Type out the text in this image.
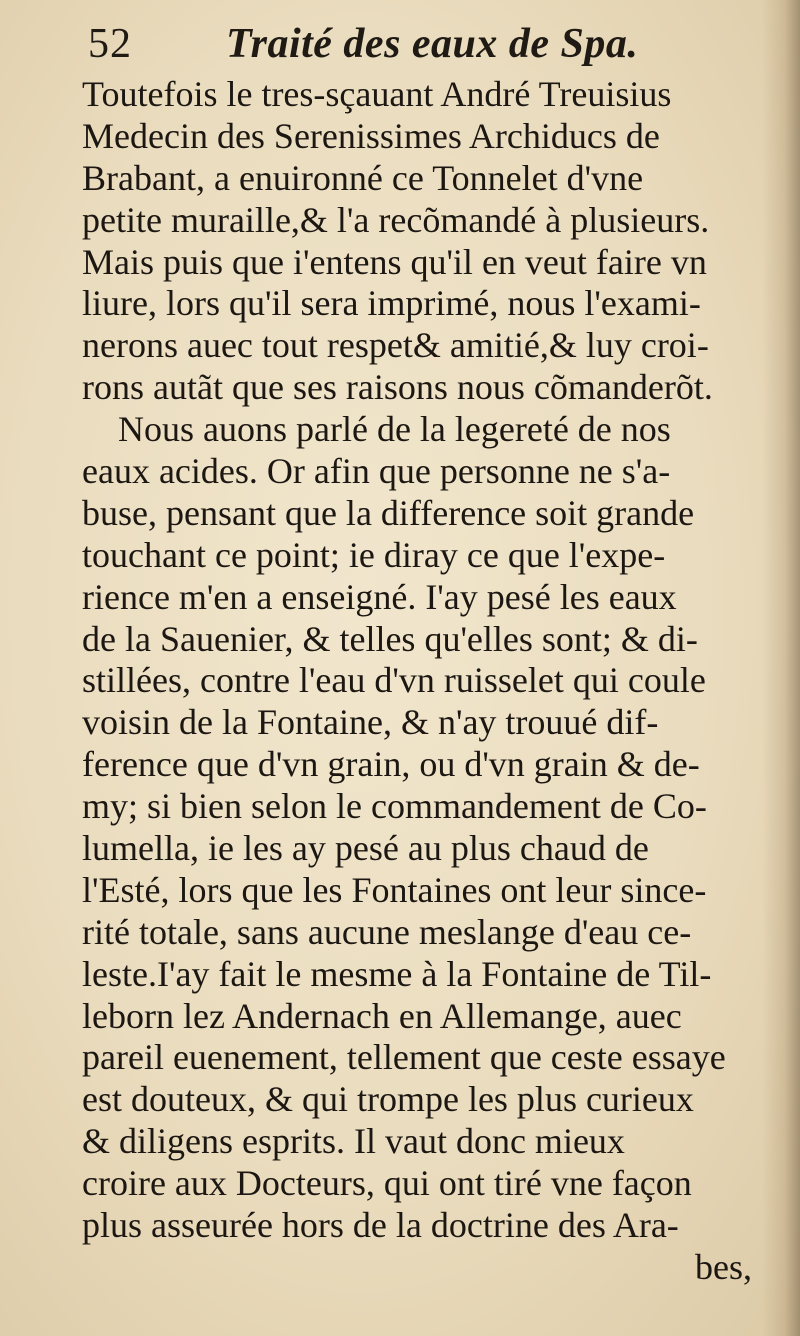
52 Traité des eaux de Spa.
Toutefois le tres-sçauant André Treuisius
Medecin des Serenissimes Archiducs de
Brabant, a enuironné ce Tonnelet d'vne
petite muraille,& l'a recõmandé à plusieurs.
Mais puis que i'entens qu'il en veut faire vn
liure, lors qu'il sera imprimé, nous l'exami-
nerons auec tout respet& amitié,& luy croi-
rons autãt que ses raisons nous cõmanderõt.
Nous auons parlé de la legereté de nos
eaux acides. Or afin que personne ne s'a-
buse, pensant que la difference soit grande
touchant ce point; ie diray ce que l'expe-
rience m'en a enseigné. I'ay pesé les eaux
de la Sauenier, & telles qu'elles sont; & di-
stillées, contre l'eau d'vn ruisselet qui coule
voisin de la Fontaine, & n'ay trouué dif-
ference que d'vn grain, ou d'vn grain & de-
my; si bien selon le commandement de Co-
lumella, ie les ay pesé au plus chaud de
l'Esté, lors que les Fontaines ont leur since-
rité totale, sans aucune meslange d'eau ce-
leste.I'ay fait le mesme à la Fontaine de Til-
leborn lez Andernach en Allemange, auec
pareil euenement, tellement que ceste essaye
est douteux, & qui trompe les plus curieux
& diligens esprits. Il vaut donc mieux
croire aux Docteurs, qui ont tiré vne façon
plus asseurée hors de la doctrine des Ara-
bes,
